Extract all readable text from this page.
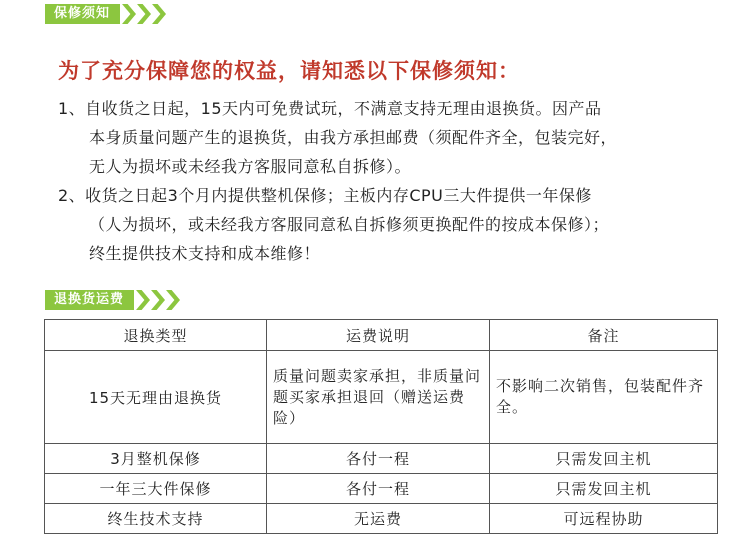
保修须知
为了充分保障您的权益，请知悉以下保修须知：

1、自收货之日起，15天内可免费试玩，不满意支持无理由退换货。因产品
本身质量问题产生的退换货，由我方承担邮费（须配件齐全，包装完好，
无人为损坏或未经我方客服同意私自拆修）。

2、收货之日起3个月内提供整机保修；主板内存CPU三大件提供一年保修
（人为损坏，或未经我方客服同意私自拆修须更换配件的按成本保修）；
终生提供技术支持和成本维修！

退换货运费
退换类型	运费说明	备注
15天无理由退换货	质量问题卖家承担，非质量问题买家承担退回（赠送运费险）	不影响二次销售，包装配件齐全。
3月整机保修	各付一程	只需发回主机
一年三大件保修	各付一程	只需发回主机
终生技术支持	无运费	可远程协助
